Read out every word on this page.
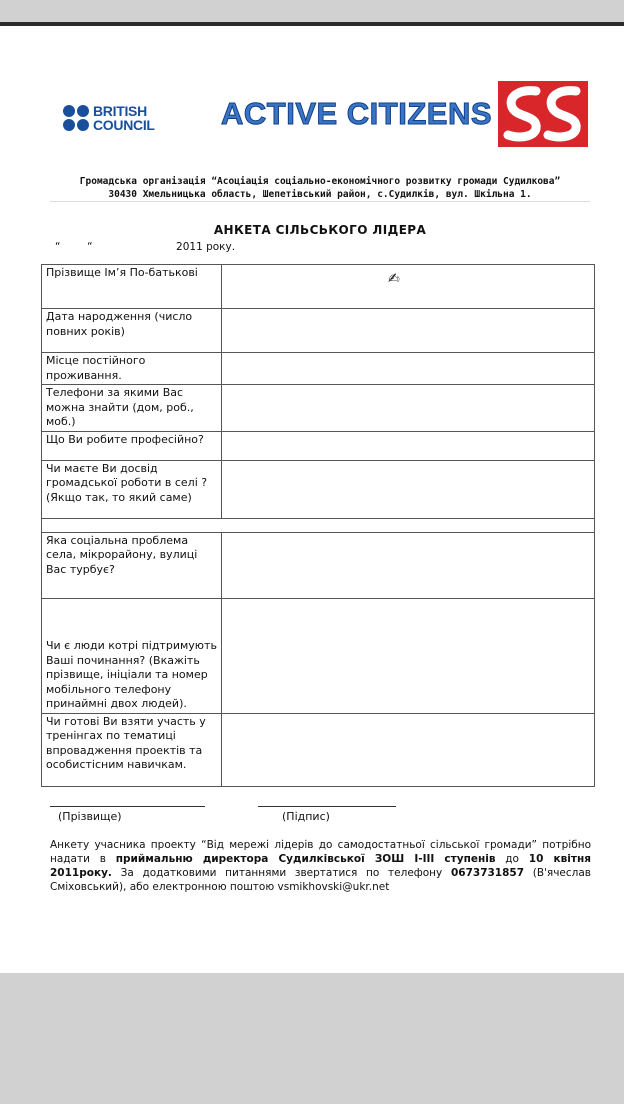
BRITISH
COUNCIL ACTIVE CITIZENS
Громадська організація “Асоціація соціально-економічного розвитку громади Судилкова”
30430 Хмельницька область, Шепетівський район, с.Судилків, вул. Шкільна 1.
АНКЕТА СІЛЬСЬКОГО ЛІДЕРА
“        “                         2011 року.
Прізвище Ім’я По-батькові	
Дата народження (число повних років)	
Місце постійного проживання.	
Телефони за якими Вас можна знайти (дом, роб., моб.)	
Що Ви робите професійно?	
Чи маєте Ви досвід громадської роботи в селі ?(Якщо так, то який саме)	

Яка соціальна проблема села, мікрорайону, вулиці Вас турбує?	
Чи є люди котрі підтримують Ваші починання? (Вкажіть прізвище, ініціали та номер мобільного телефону принаймні двох людей).	
Чи готові Ви взяти участь у тренінгах по тематиці впровадження проектів та особистісним навичкам.	
✍
(Прізвище)	(Підпис)
Анкету учасника проекту “Від мережі лідерів до самодостатньої сільської громади” потрібно надати в приймальню директора Судилківської ЗОШ І-ІІІ ступенів до 10 квітня 2011року. За додатковими питаннями звертатися по телефону 0673731857 (В'ячеслав Сміховський), або електронною поштою vsmikhovski@ukr.net
